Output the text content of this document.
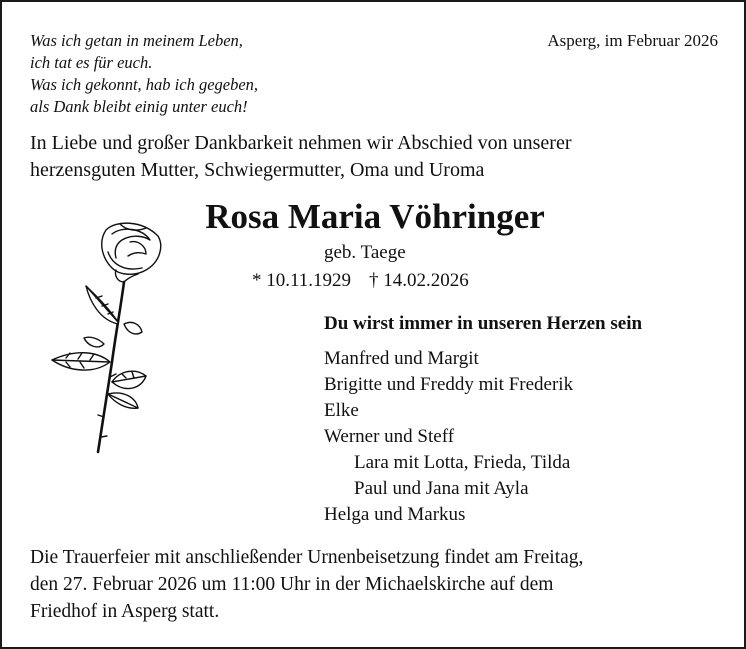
Was ich getan in meinem Leben,
ich tat es für euch.
Was ich gekonnt, hab ich gegeben,
als Dank bleibt einig unter euch!
Asperg, im Februar 2026
In Liebe und großer Dankbarkeit nehmen wir Abschied von unserer
herzensguten Mutter, Schwiegermutter, Oma und Uroma
Rosa Maria Vöhringer
geb. Taege
* 10.11.1929 † 14.02.2026
Du wirst immer in unseren Herzen sein
Manfred und Margit
Brigitte und Freddy mit Frederik
Elke
Werner und Steff
Lara mit Lotta, Frieda, Tilda
Paul und Jana mit Ayla
Helga und Markus
Die Trauerfeier mit anschließender Urnenbeisetzung findet am Freitag,
den 27. Februar 2026 um 11:00 Uhr in der Michaelskirche auf dem
Friedhof in Asperg statt.
